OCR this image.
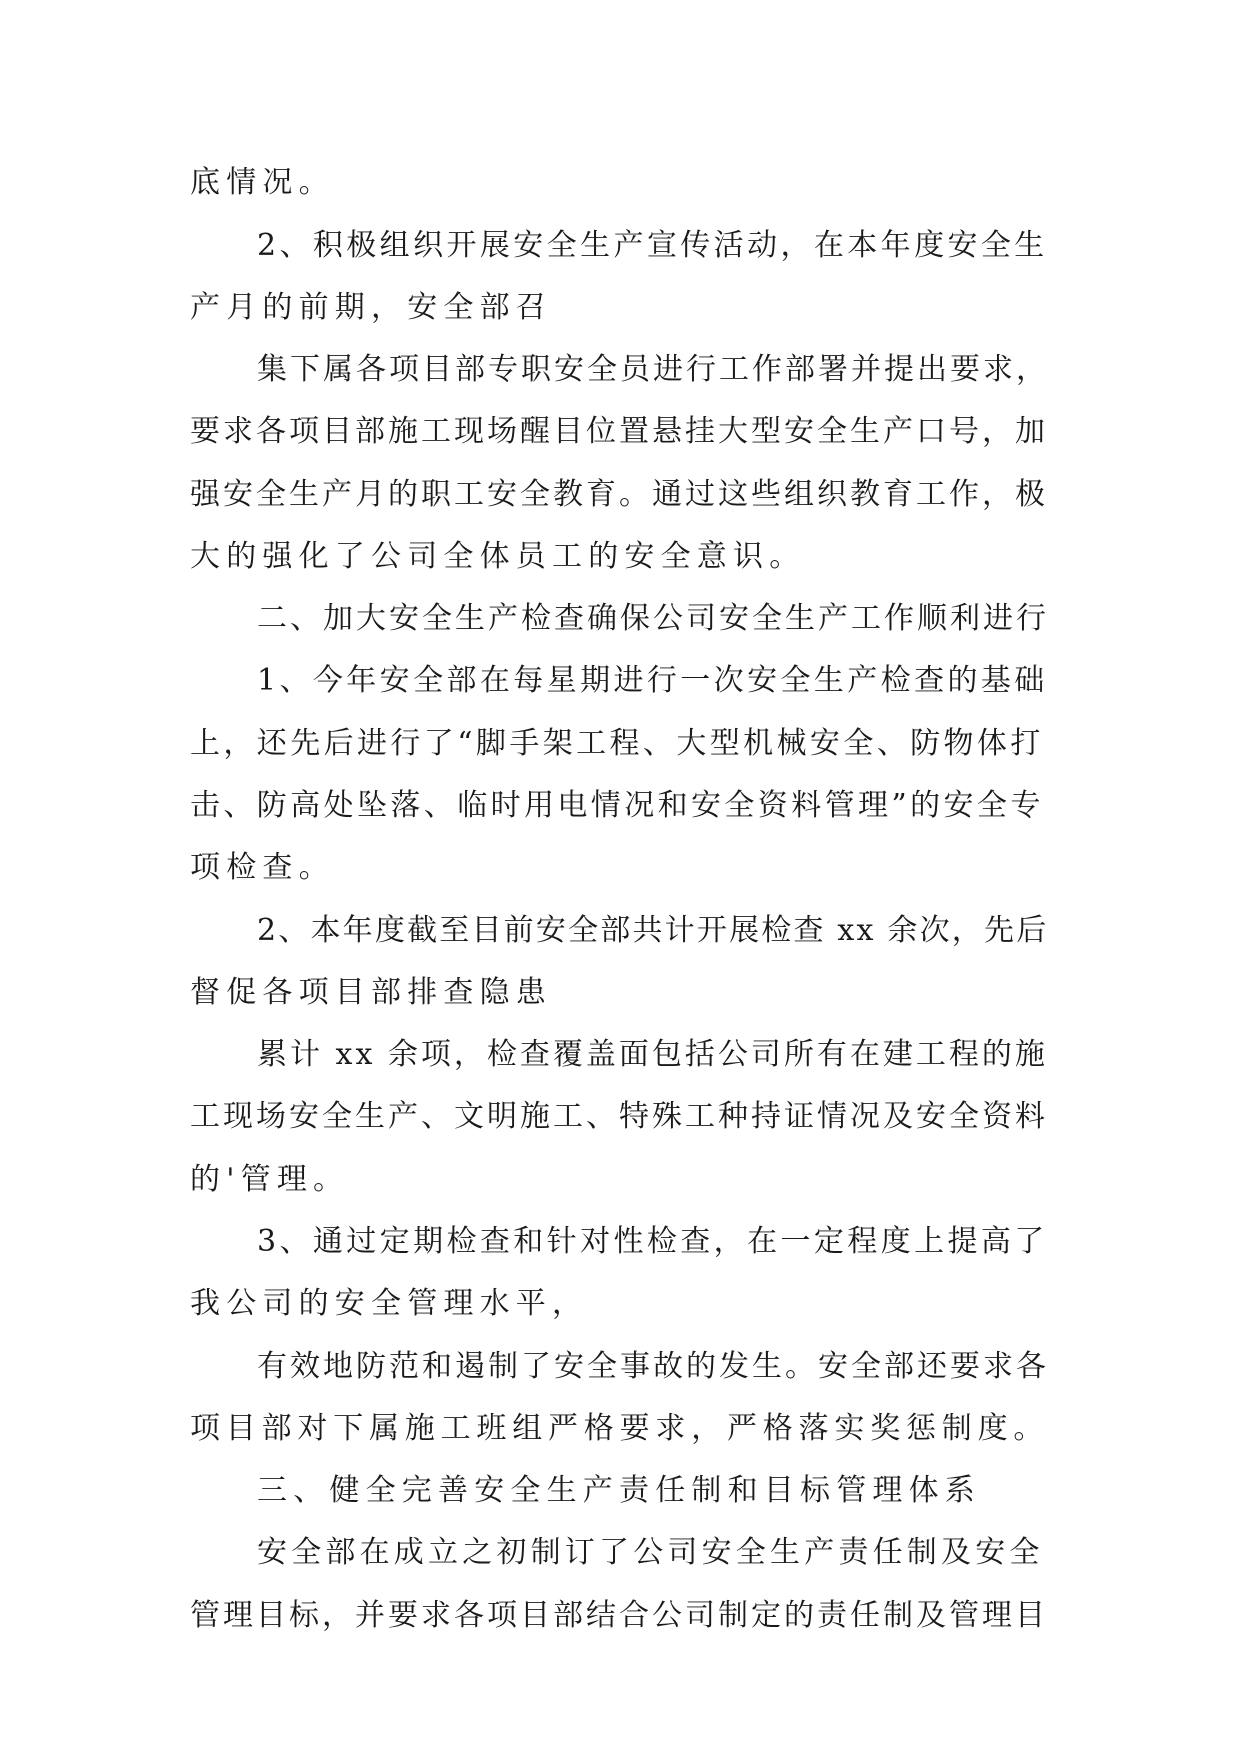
底情况。
2、积极组织开展安全生产宣传活动，在本年度安全生
产月的前期，安全部召
集下属各项目部专职安全员进行工作部署并提出要求，
要求各项目部施工现场醒目位置悬挂大型安全生产口号，加
强安全生产月的职工安全教育。通过这些组织教育工作，极
大的强化了公司全体员工的安全意识。
二、加大安全生产检查确保公司安全生产工作顺利进行
1、今年安全部在每星期进行一次安全生产检查的基础
上，还先后进行了“脚手架工程、大型机械安全、防物体打
击、防高处坠落、临时用电情况和安全资料管理”的安全专
项检查。
2、本年度截至目前安全部共计开展检查 xx 余次，先后
督促各项目部排查隐患
累计 xx 余项，检查覆盖面包括公司所有在建工程的施
工现场安全生产、文明施工、特殊工种持证情况及安全资料
的'管理。
3、通过定期检查和针对性检查，在一定程度上提高了
我公司的安全管理水平，
有效地防范和遏制了安全事故的发生。安全部还要求各
项目部对下属施工班组严格要求，严格落实奖惩制度。
三、健全完善安全生产责任制和目标管理体系
安全部在成立之初制订了公司安全生产责任制及安全
管理目标，并要求各项目部结合公司制定的责任制及管理目
